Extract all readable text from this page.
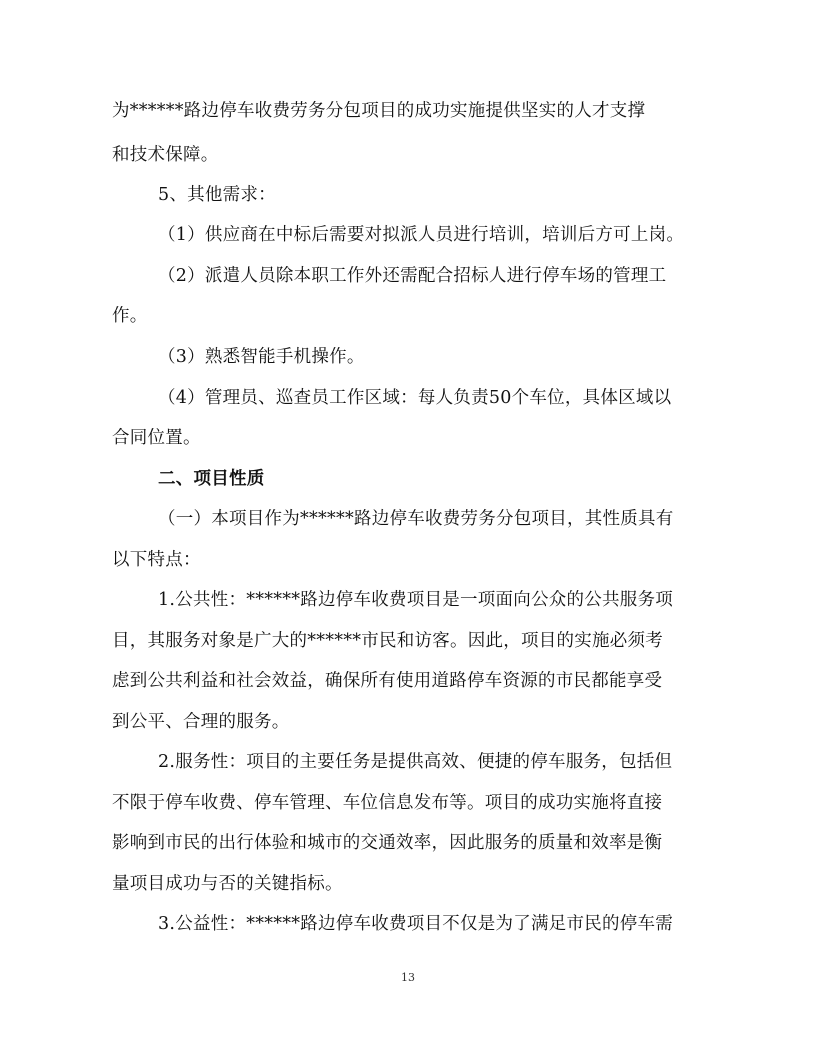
为******路边停车收费劳务分包项目的成功实施提供坚实的人才支撑
和技术保障。
5、其他需求：
（1）供应商在中标后需要对拟派人员进行培训，培训后方可上岗。
（2）派遣人员除本职工作外还需配合招标人进行停车场的管理工
作。
（3）熟悉智能手机操作。
（4）管理员、巡查员工作区域：每人负责50个车位，具体区域以
合同位置。
二、项目性质
（一）本项目作为******路边停车收费劳务分包项目，其性质具有
以下特点：
1.公共性：******路边停车收费项目是一项面向公众的公共服务项
目，其服务对象是广大的******市民和访客。因此，项目的实施必须考
虑到公共利益和社会效益，确保所有使用道路停车资源的市民都能享受
到公平、合理的服务。
2.服务性：项目的主要任务是提供高效、便捷的停车服务，包括但
不限于停车收费、停车管理、车位信息发布等。项目的成功实施将直接
影响到市民的出行体验和城市的交通效率，因此服务的质量和效率是衡
量项目成功与否的关键指标。
3.公益性：******路边停车收费项目不仅是为了满足市民的停车需
13
